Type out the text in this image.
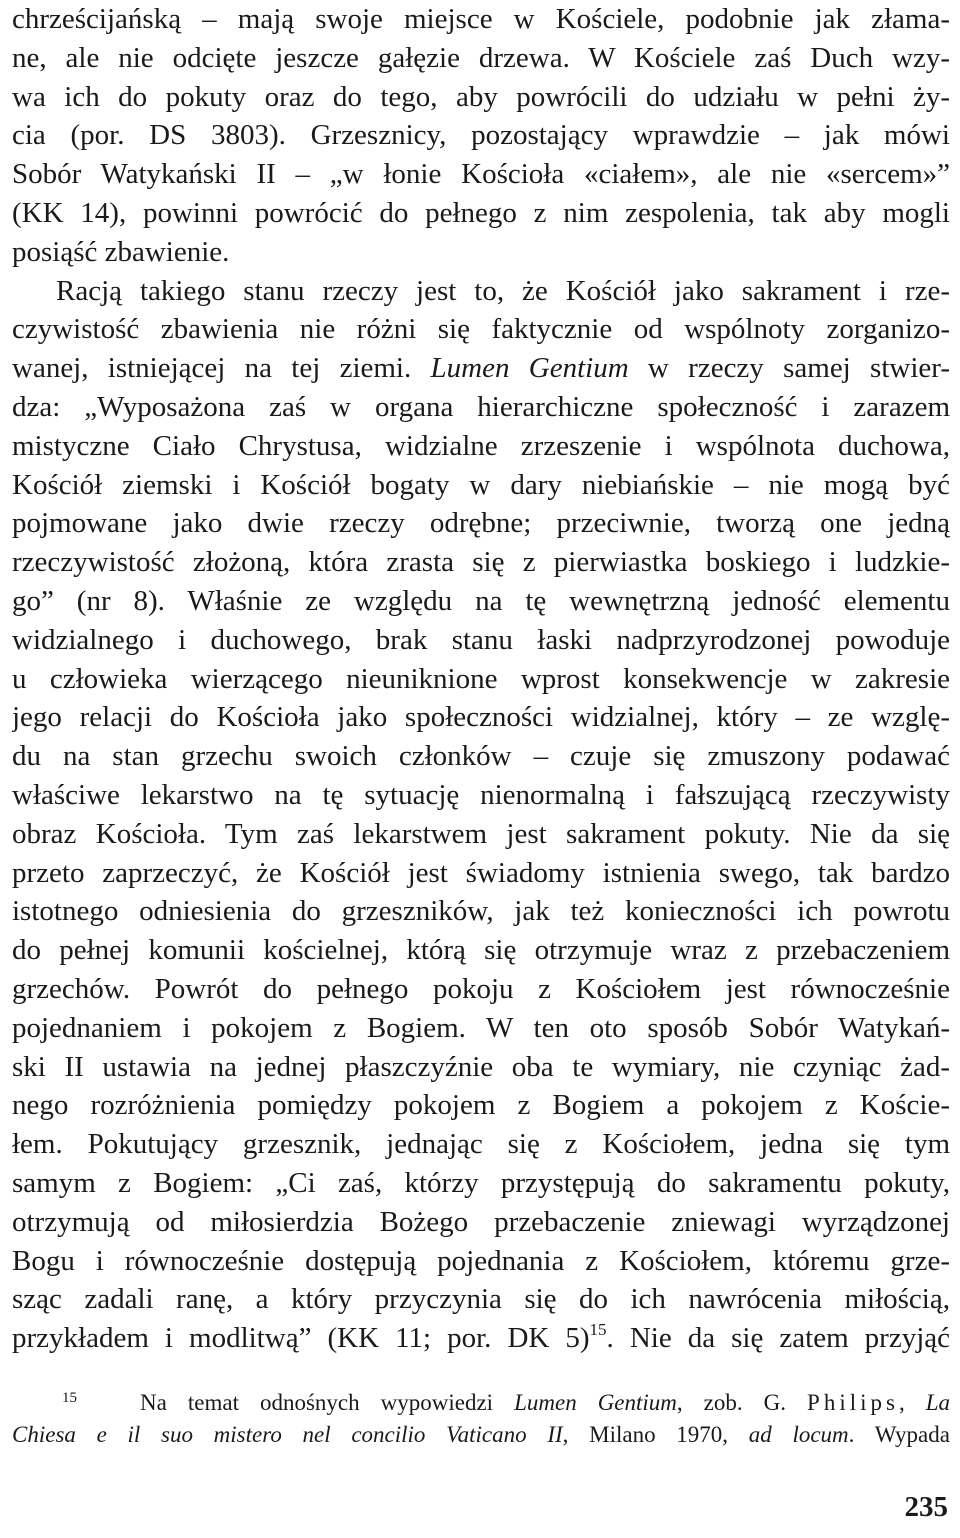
chrześcijańską – mają swoje miejsce w Kościele, podobnie jak złama-
ne, ale nie odcięte jeszcze gałęzie drzewa. W Kościele zaś Duch wzy-
wa ich do pokuty oraz do tego, aby powrócili do udziału w pełni ży-
cia (por. DS 3803). Grzesznicy, pozostający wprawdzie – jak mówi
Sobór Watykański II – „w łonie Kościoła «ciałem», ale nie «sercem»”
(KK 14), powinni powrócić do pełnego z nim zespolenia, tak aby mogli
posiąść zbawienie.
Racją takiego stanu rzeczy jest to, że Kościół jako sakrament i rze-
czywistość zbawienia nie różni się faktycznie od wspólnoty zorganizo-
wanej, istniejącej na tej ziemi. Lumen Gentium w rzeczy samej stwier-
dza: „Wyposażona zaś w organa hierarchiczne społeczność i zarazem
mistyczne Ciało Chrystusa, widzialne zrzeszenie i wspólnota duchowa,
Kościół ziemski i Kościół bogaty w dary niebiańskie – nie mogą być
pojmowane jako dwie rzeczy odrębne; przeciwnie, tworzą one jedną
rzeczywistość złożoną, która zrasta się z pierwiastka boskiego i ludzkie-
go” (nr 8). Właśnie ze względu na tę wewnętrzną jedność elementu
widzialnego i duchowego, brak stanu łaski nadprzyrodzonej powoduje
u człowieka wierzącego nieuniknione wprost konsekwencje w zakresie
jego relacji do Kościoła jako społeczności widzialnej, który – ze wzglę-
du na stan grzechu swoich członków – czuje się zmuszony podawać
właściwe lekarstwo na tę sytuację nienormalną i fałszującą rzeczywisty
obraz Kościoła. Tym zaś lekarstwem jest sakrament pokuty. Nie da się
przeto zaprzeczyć, że Kościół jest świadomy istnienia swego, tak bardzo
istotnego odniesienia do grzeszników, jak też konieczności ich powrotu
do pełnej komunii kościelnej, którą się otrzymuje wraz z przebaczeniem
grzechów. Powrót do pełnego pokoju z Kościołem jest równocześnie
pojednaniem i pokojem z Bogiem. W ten oto sposób Sobór Watykań-
ski II ustawia na jednej płaszczyźnie oba te wymiary, nie czyniąc żad-
nego rozróżnienia pomiędzy pokojem z Bogiem a pokojem z Koście-
łem. Pokutujący grzesznik, jednając się z Kościołem, jedna się tym
samym z Bogiem: „Ci zaś, którzy przystępują do sakramentu pokuty,
otrzymują od miłosierdzia Bożego przebaczenie zniewagi wyrządzonej
Bogu i równocześnie dostępują pojednania z Kościołem, któremu grze-
sząc zadali ranę, a który przyczynia się do ich nawrócenia miłością,
przykładem i modlitwą” (KK 11; por. DK 5)$^{15}$. Nie da się zatem przyjąć
$^{15}$	Na temat odnośnych wypowiedzi Lumen Gentium, zob. G. Philips, La
Chiesa e il suo mistero nel concilio Vaticano II, Milano 1970, ad locum. Wypada
235
